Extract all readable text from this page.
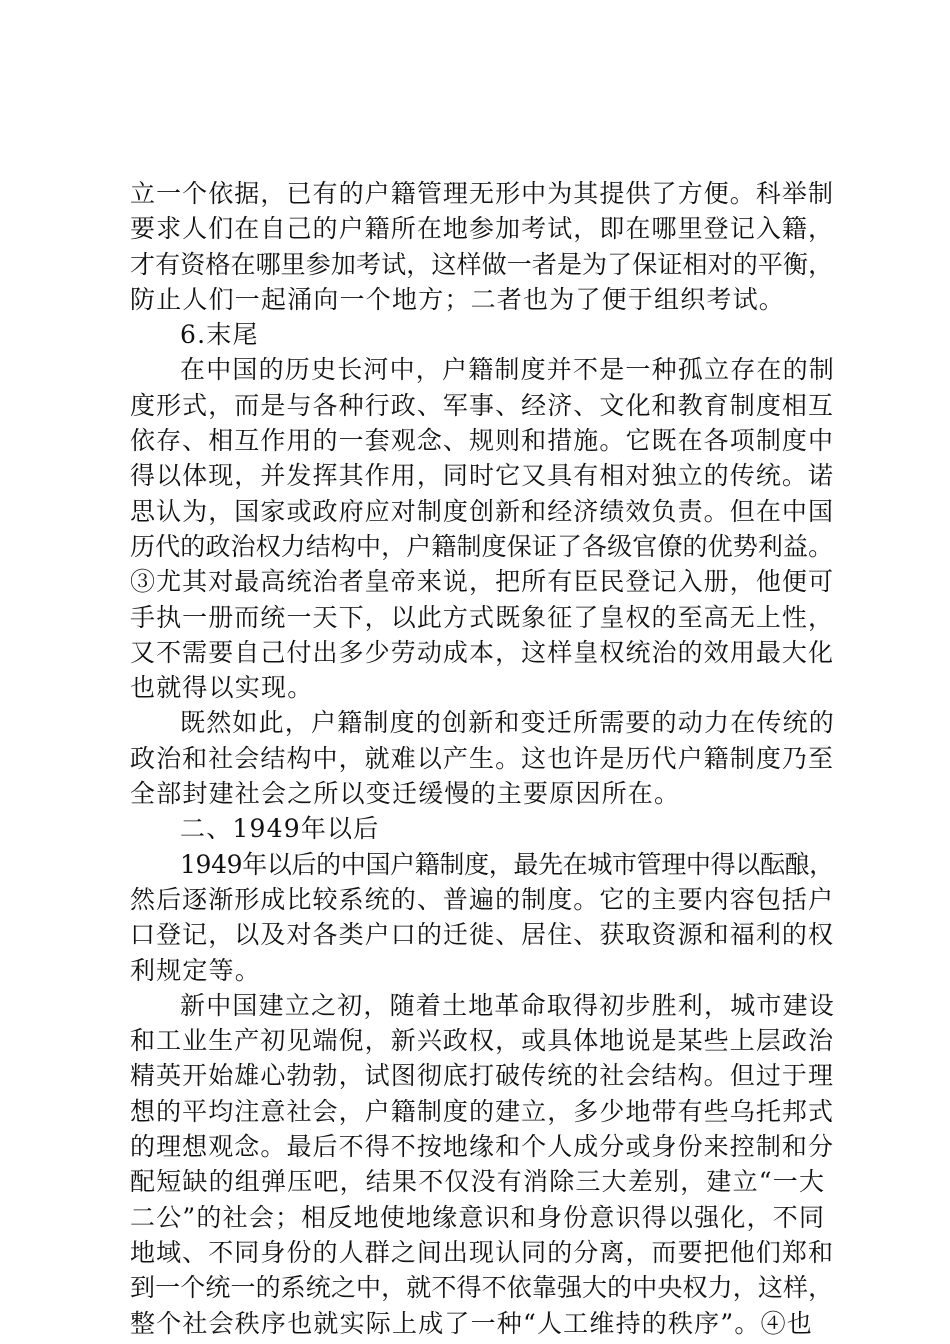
立一个依据，已有的户籍管理无形中为其提供了方便。科举制
要求人们在自己的户籍所在地参加考试，即在哪里登记入籍，
才有资格在哪里参加考试，这样做一者是为了保证相对的平衡，
防止人们一起涌向一个地方；二者也为了便于组织考试。
6.末尾
在中国的历史长河中，户籍制度并不是一种孤立存在的制
度形式，而是与各种行政、军事、经济、文化和教育制度相互
依存、相互作用的一套观念、规则和措施。它既在各项制度中
得以体现，并发挥其作用，同时它又具有相对独立的传统。诺
思认为，国家或政府应对制度创新和经济绩效负责。但在中国
历代的政治权力结构中，户籍制度保证了各级官僚的优势利益。
③尤其对最高统治者皇帝来说，把所有臣民登记入册，他便可
手执一册而统一天下，以此方式既象征了皇权的至高无上性，
又不需要自己付出多少劳动成本，这样皇权统治的效用最大化
也就得以实现。
既然如此，户籍制度的创新和变迁所需要的动力在传统的
政治和社会结构中，就难以产生。这也许是历代户籍制度乃至
全部封建社会之所以变迁缓慢的主要原因所在。
二、1949年以后
1949年以后的中国户籍制度，最先在城市管理中得以酝酿，
然后逐渐形成比较系统的、普遍的制度。它的主要内容包括户
口登记，以及对各类户口的迁徙、居住、获取资源和福利的权
利规定等。
新中国建立之初，随着土地革命取得初步胜利，城市建设
和工业生产初见端倪，新兴政权，或具体地说是某些上层政治
精英开始雄心勃勃，试图彻底打破传统的社会结构。但过于理
想的平均注意社会，户籍制度的建立，多少地带有些乌托邦式
的理想观念。最后不得不按地缘和个人成分或身份来控制和分
配短缺的组弹压吧，结果不仅没有消除三大差别，建立“一大
二公”的社会；相反地使地缘意识和身份意识得以强化，不同
地域、不同身份的人群之间出现认同的分离，而要把他们郑和
到一个统一的系统之中，就不得不依靠强大的中央权力，这样，
整个社会秩序也就实际上成了一种“人工维持的秩序”。④也
